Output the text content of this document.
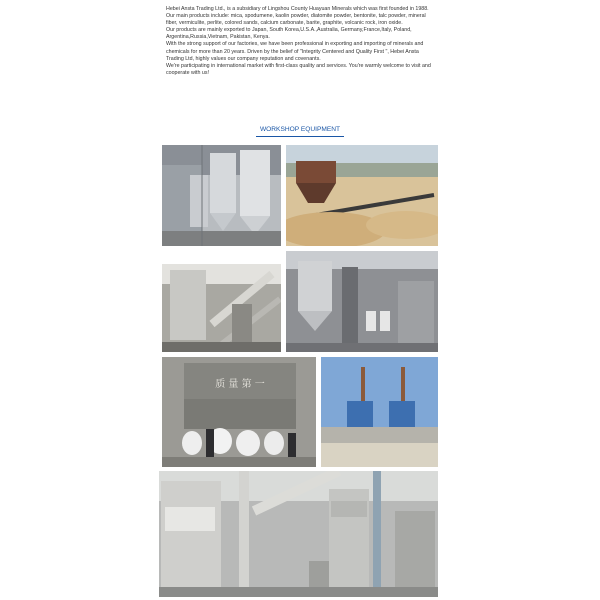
Hebei Ansta Trading Ltd., is a subsidiary of Lingshou County Huayuan Minerals which was first founded in 1988. Our main products include: mica, spodumene, kaolin powder, diatomite powder, bentonite, talc powder, mineral fiber, vermiculite, perlite, colored sands, calcium carbonate, barite, graphite, volcanic rock, iron oxide.

Our products are mainly exported to Japan, South Korea,U.S.A.,Australia, Germany,France,Italy, Poland, Argentina,Russia,Vietnam, Pakistan, Kenya.

With the strong support of our factories, we have been professional in exporting and importing of minerals and chemicals for more than 20 years. Driven by the belief of "Integrity Centered and Quality First ", Hebei Ansta Trading Ltd, highly values our company reputation and covenants.

We're participating in international market with first-class quality and services. You're warmly welcome to visit and cooperate with us!

WORKSHOP EQUIPMENT
质 量 第 一
